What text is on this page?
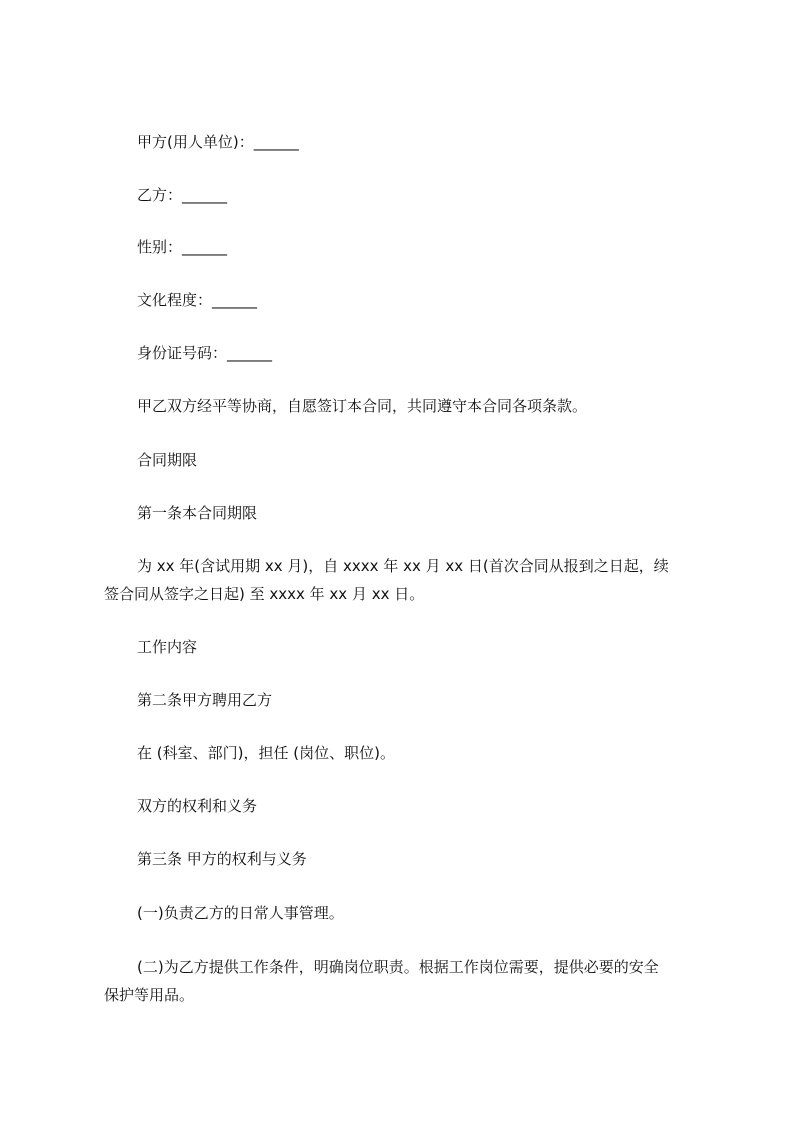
甲方(用人单位)：______
乙方：______
性别：______
文化程度：______
身份证号码：______
甲乙双方经平等协商，自愿签订本合同，共同遵守本合同各项条款。
合同期限
第一条本合同期限
为 xx 年(含试用期 xx 月)，自 xxxx 年 xx 月 xx 日(首次合同从报到之日起，续
签合同从签字之日起) 至 xxxx 年 xx 月 xx 日。
工作内容
第二条甲方聘用乙方
在 (科室、部门)，担任 (岗位、职位)。
双方的权利和义务
第三条 甲方的权利与义务
(一)负责乙方的日常人事管理。
(二)为乙方提供工作条件，明确岗位职责。根据工作岗位需要，提供必要的安全
保护等用品。
